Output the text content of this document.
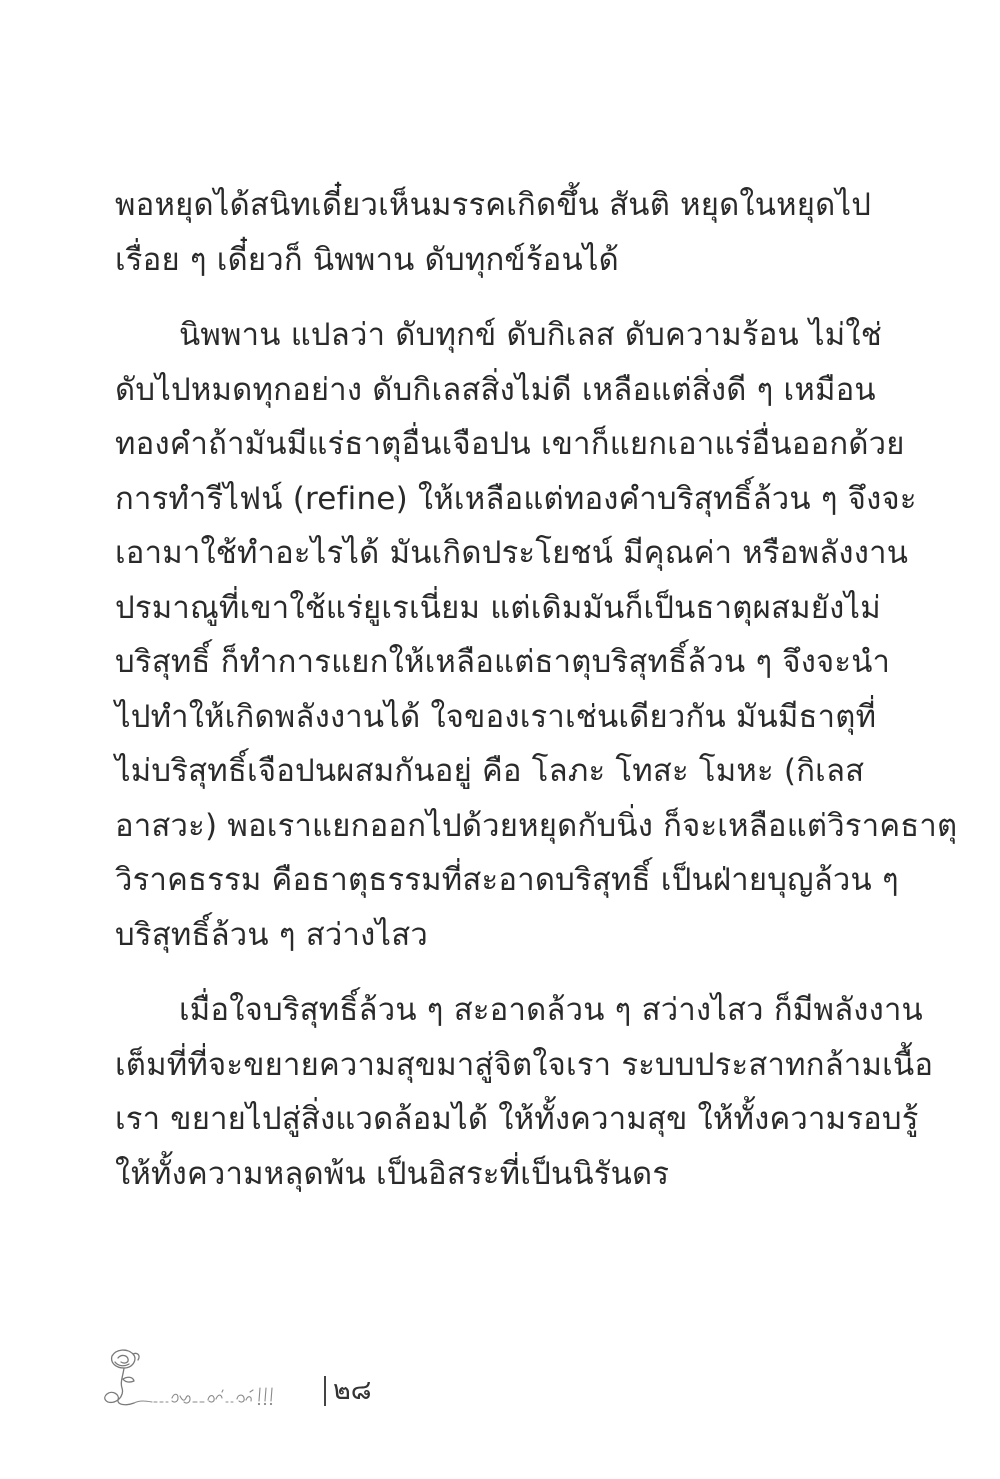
พอหยุดได้สนิทเดี๋ยวเห็นมรรคเกิดขึ้น สันติ หยุดในหยุดไป
เรื่อย ๆ เดี๋ยวก็ นิพพาน ดับทุกข์ร้อนได้
นิพพาน แปลว่า ดับทุกข์ ดับกิเลส ดับความร้อน ไม่ใช่
ดับไปหมดทุกอย่าง ดับกิเลสสิ่งไม่ดี เหลือแต่สิ่งดี ๆ เหมือน
ทองคำถ้ามันมีแร่ธาตุอื่นเจือปน เขาก็แยกเอาแร่อื่นออกด้วย
การทำรีไฟน์ (refine) ให้เหลือแต่ทองคำบริสุทธิ์ล้วน ๆ จึงจะ
เอามาใช้ทำอะไรได้ มันเกิดประโยชน์ มีคุณค่า หรือพลังงาน
ปรมาณูที่เขาใช้แร่ยูเรเนี่ยม แต่เดิมมันก็เป็นธาตุผสมยังไม่
บริสุทธิ์ ก็ทำการแยกให้เหลือแต่ธาตุบริสุทธิ์ล้วน ๆ จึงจะนำ
ไปทำให้เกิดพลังงานได้ ใจของเราเช่นเดียวกัน มันมีธาตุที่
ไม่บริสุทธิ์เจือปนผสมกันอยู่ คือ โลภะ โทสะ โมหะ (กิเลส
อาสวะ) พอเราแยกออกไปด้วยหยุดกับนิ่ง ก็จะเหลือแต่วิราคธาตุ
วิราคธรรม คือธาตุธรรมที่สะอาดบริสุทธิ์ เป็นฝ่ายบุญล้วน ๆ
บริสุทธิ์ล้วน ๆ สว่างไสว
เมื่อใจบริสุทธิ์ล้วน ๆ สะอาดล้วน ๆ สว่างไสว ก็มีพลังงาน
เต็มที่ที่จะขยายความสุขมาสู่จิตใจเรา ระบบประสาทกล้ามเนื้อ
เรา ขยายไปสู่สิ่งแวดล้อมได้ ให้ทั้งความสุข ให้ทั้งความรอบรู้
ให้ทั้งความหลุดพ้น เป็นอิสระที่เป็นนิรันดร
๒๘
